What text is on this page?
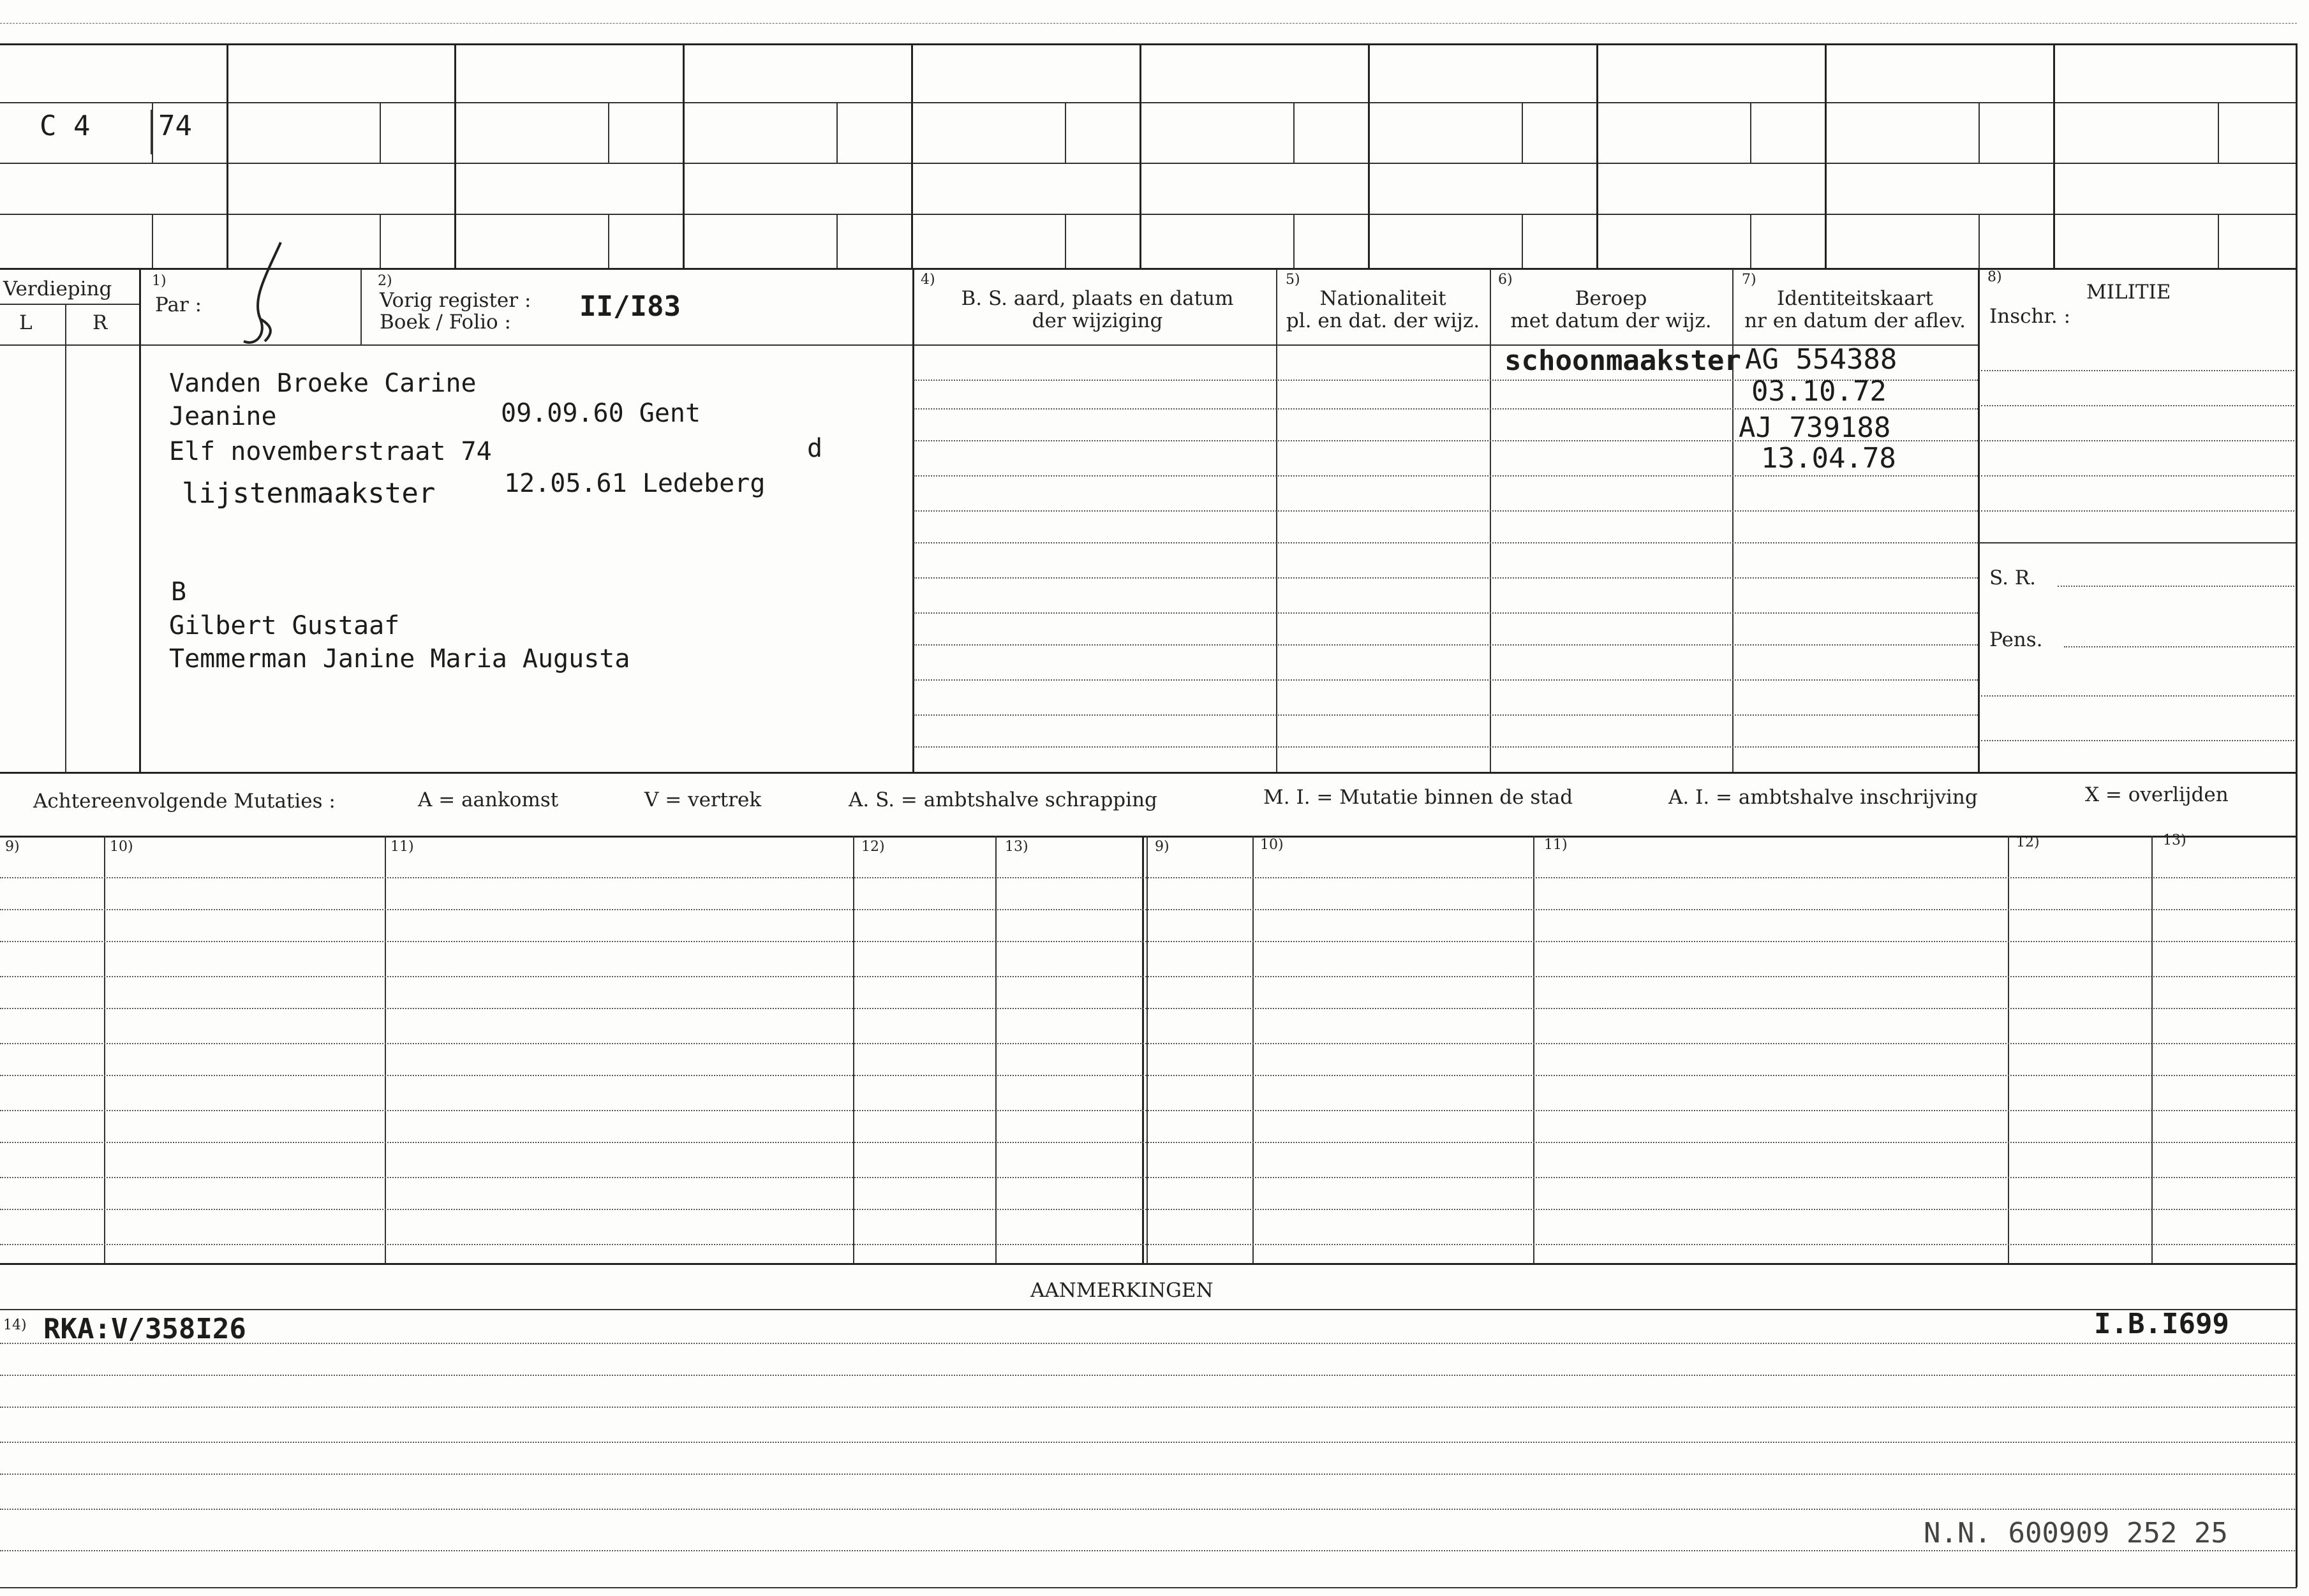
C 4 74
Verdieping
L	R
1)
Par :
2)
Vorig register :
Boek / Folio : II/I83
4)
B. S. aard, plaats en datum
der wijziging
5)
Nationaliteit
pl. en dat. der wijz.
6)
Beroep
met datum der wijz.
7)
Identiteitskaart
nr en datum der aflev.
8)
MILITIE
Inschr. :
S. R.
Pens.
Vanden Broeke Carine
Jeanine	09.09.60 Gent
Elf novemberstraat 74	d
lijstenmaakster	12.05.61 Ledeberg
B
Gilbert Gustaaf
Temmerman Janine Maria Augusta
schoonmaakster AG 554388
03.10.72
AJ 739188
13.04.78
Achtereenvolgende Mutaties :	A = aankomst	V = vertrek	A. S. = ambtshalve schrapping	M. I. = Mutatie binnen de stad	A. I. = ambtshalve inschrijving	X = overlijden
9)	10)	11)	12)	13)	9)	10)	11)	12)	13)
AANMERKINGEN
14) RKA:V/358I26	I.B.I699
N.N. 600909 252 25
